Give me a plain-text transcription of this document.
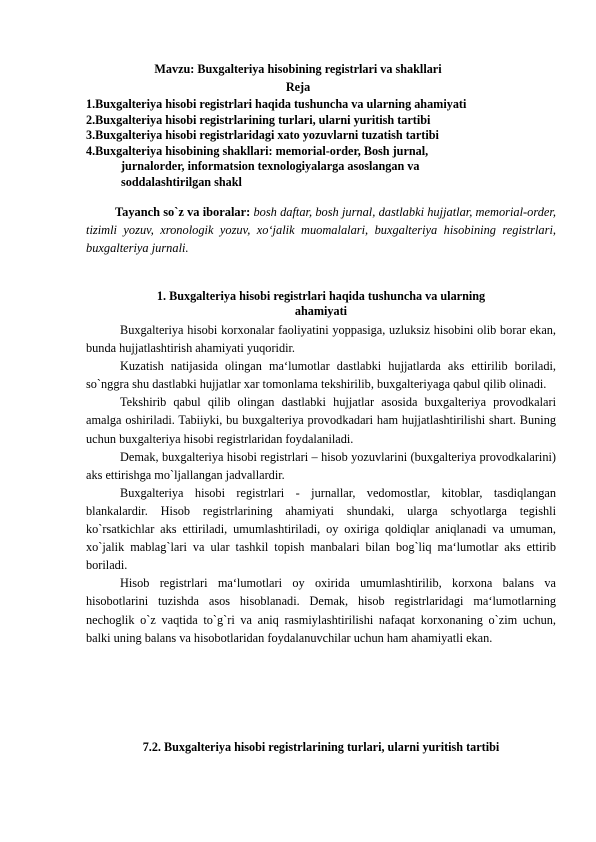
Mavzu: Buxgalteriya hisobining registrlari va shakllari
Reja
1.Buxgalteriya hisobi registrlari haqida tushuncha va ularning ahamiyati
2.Buxgalteriya hisobi registrlarining turlari, ularni yuritish tartibi
3.Buxgalteriya hisobi registrlaridagi xato yozuvlarni tuzatish tartibi
4.Buxgalteriya hisobining shakllari: memorial-order, Bosh jurnal,
jurnalorder, informatsion texnologiyalarga asoslangan va
soddalashtirilgan shakl
Tayanch so`z va iboralar: bosh daftar, bosh jurnal, dastlabki hujjatlar, memorial-order, tizimli yozuv, xronologik yozuv, xo‘jalik muomalalari, buxgalteriya hisobining registrlari, buxgalteriya jurnali.
1. Buxgalteriya hisobi registrlari haqida tushuncha va ularning
ahamiyati

Buxgalteriya hisobi korxonalar faoliyatini yoppasiga, uzluksiz hisobini olib borar ekan, bunda hujjatlashtirish ahamiyati yuqoridir.

Kuzatish natijasida olingan ma‘lumotlar dastlabki hujjatlarda aks ettirilib boriladi, so`nggra shu dastlabki hujjatlar xar tomonlama tekshirilib, buxgalteriyaga qabul qilib olinadi.

Tekshirib qabul qilib olingan dastlabki hujjatlar asosida buxgalteriya provodkalari amalga oshiriladi. Tabiiyki, bu buxgalteriya provodkadari ham hujjatlashtirilishi shart. Buning uchun buxgalteriya hisobi registrlaridan foydalaniladi.

Demak, buxgalteriya hisobi registrlari – hisob yozuvlarini (buxgalteriya provodkalarini) aks ettirishga mo`ljallangan jadvallardir.

Buxgalteriya hisobi registrlari - jurnallar, vedomostlar, kitoblar, tasdiqlangan blankalardir. Hisob registrlarining ahamiyati shundaki, ularga schyotlarga tegishli ko`rsatkichlar aks ettiriladi, umumlashtiriladi, oy oxiriga qoldiqlar aniqlanadi va umuman, xo`jalik mablag`lari va ular tashkil topish manbalari bilan bog`liq ma‘lumotlar aks ettirib boriladi.

Hisob registrlari ma‘lumotlari oy oxirida umumlashtirilib, korxona balans va hisobotlarini tuzishda asos hisoblanadi. Demak, hisob registrlaridagi ma‘lumotlarning nechoglik o`z vaqtida to`g`ri va aniq rasmiylashtirilishi nafaqat korxonaning o`zim uchun, balki uning balans va hisobotlaridan foydalanuvchilar uchun ham ahamiyatli ekan.

7.2. Buxgalteriya hisobi registrlarining turlari, ularni yuritish tartibi
